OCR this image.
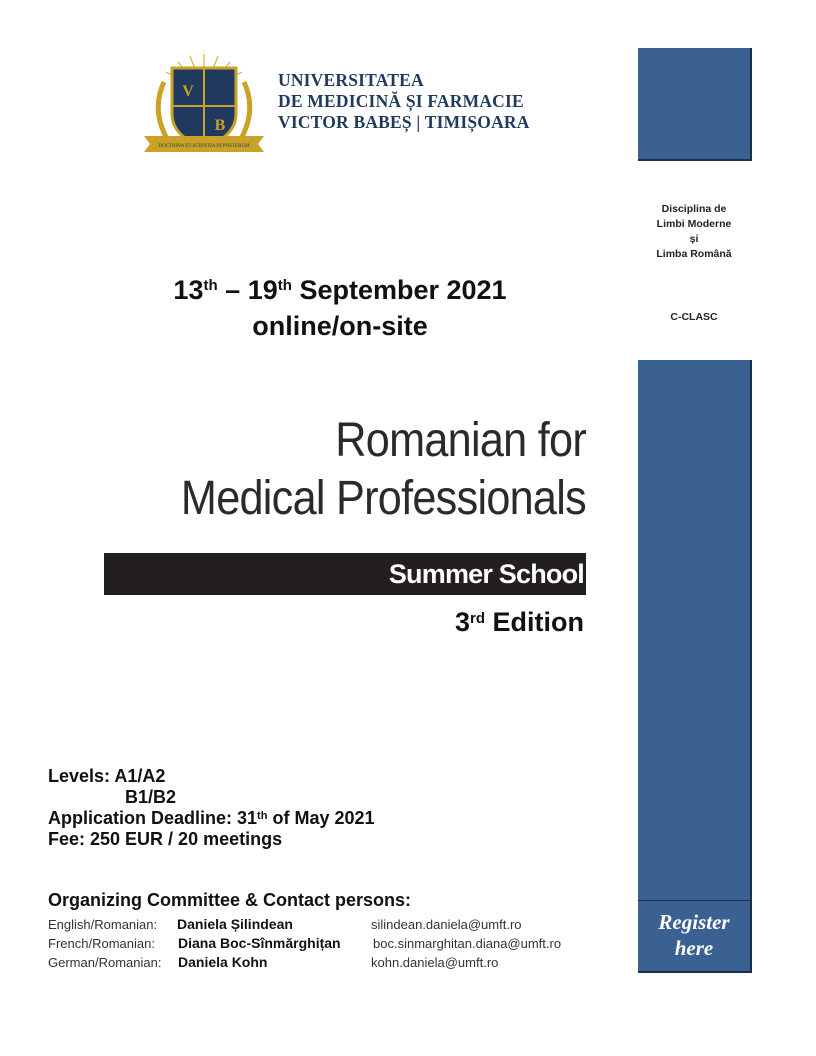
V
B
DOCTRINA ET SCIENTIA IN POSTERUM
UNIVERSITATEA
DE MEDICINĂ ȘI FARMACIE
VICTOR BABEȘ | TIMIȘOARA
Disciplina de
Limbi Moderne
și
Limba Română
C-CLASC
Register
here
13th – 19th September 2021
online/on-site
Romanian for
Medical Professionals
Summer School
3rd Edition
Levels: A1/A2
B1/B2
Application Deadline: 31th of May 2021
Fee: 250 EUR / 20 meetings
Organizing Committee & Contact persons:
English/Romanian: Daniela Șilindean	silindean.daniela@umft.ro
French/Romanian: Diana Boc-Sînmărghițan boc.sinmarghitan.diana@umft.ro
German/Romanian: Daniela Kohn	kohn.daniela@umft.ro
